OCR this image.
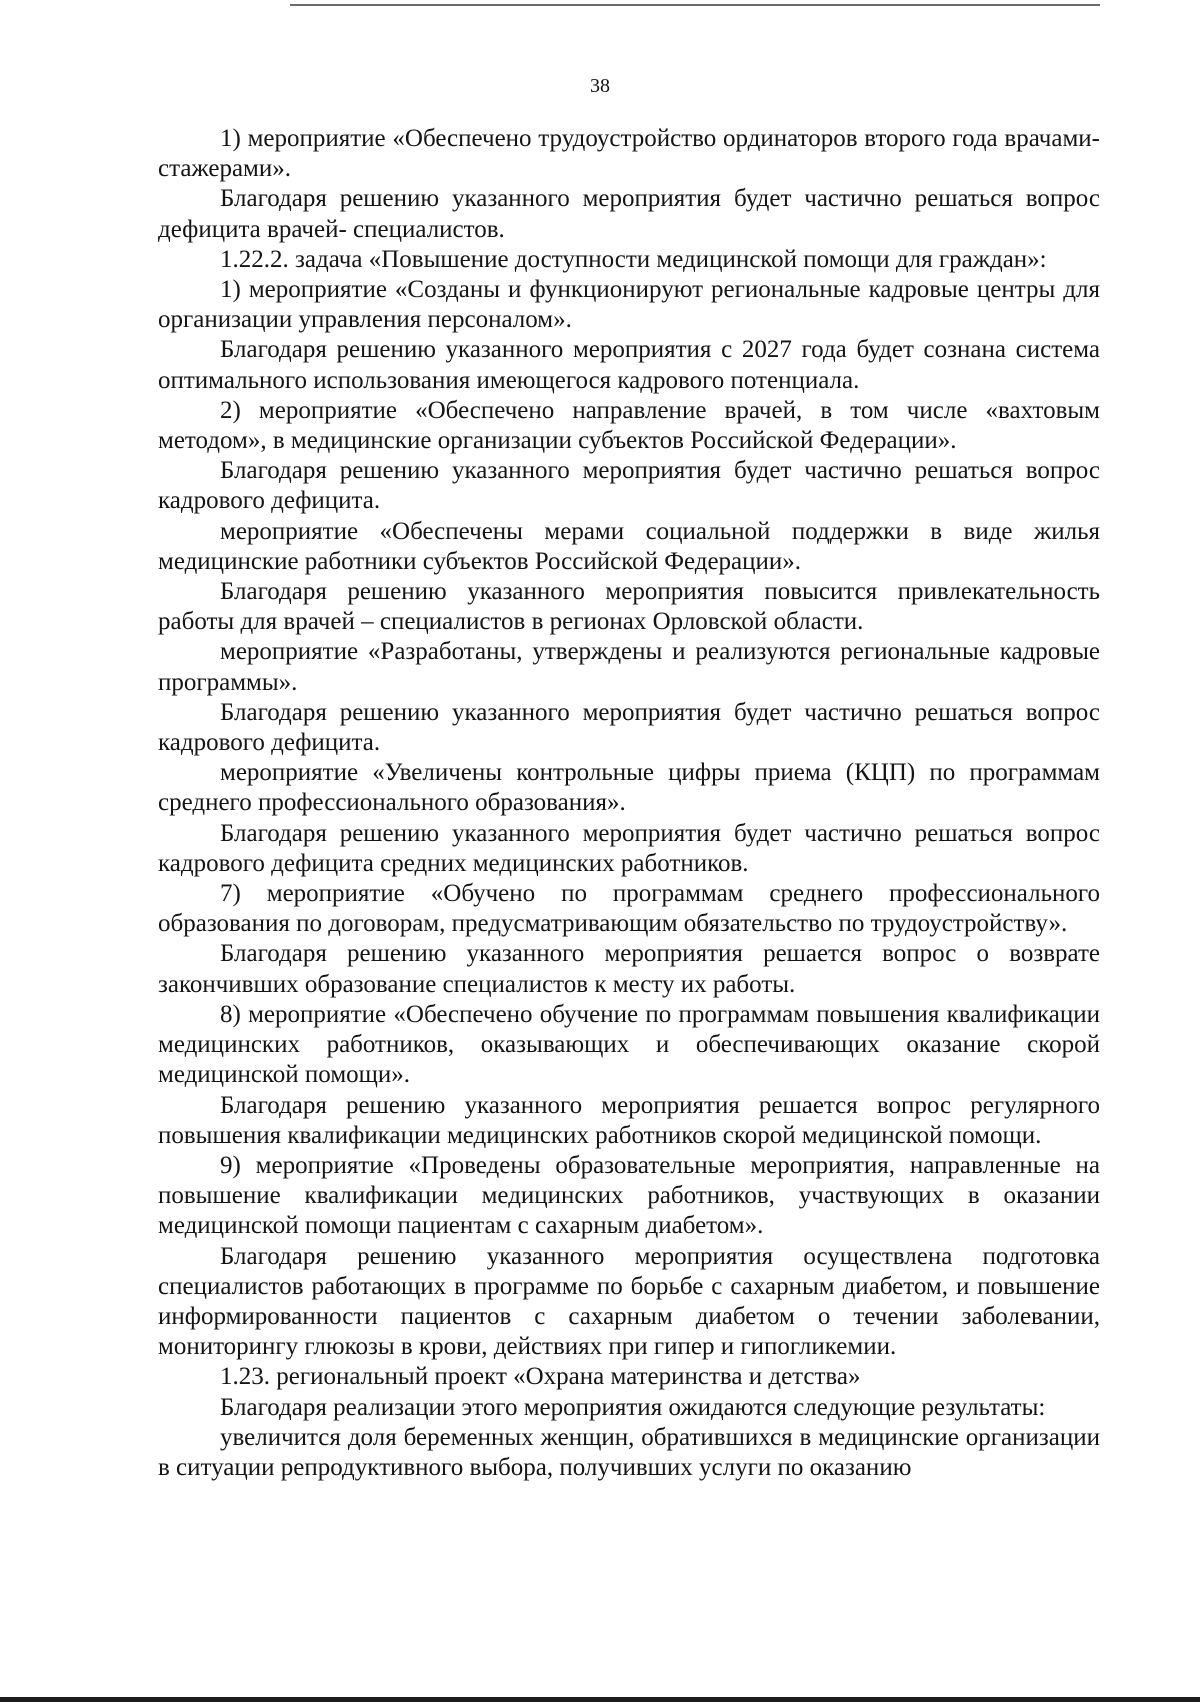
38

1) мероприятие «Обеспечено трудоустройство ординаторов второго года врачами-стажерами».

Благодаря решению указанного мероприятия будет частично решаться вопрос дефицита врачей- специалистов.

1.22.2. задача «Повышение доступности медицинской помощи для граждан»:

1) мероприятие «Созданы и функционируют региональные кадровые центры для организации управления персоналом».

Благодаря решению указанного мероприятия с 2027 года будет сознана система оптимального использования имеющегося кадрового потенциала.

2) мероприятие «Обеспечено направление врачей, в том числе «вахтовым методом», в медицинские организации субъектов Российской Федерации».

Благодаря решению указанного мероприятия будет частично решаться вопрос кадрового дефицита.

мероприятие «Обеспечены мерами социальной поддержки в виде жилья медицинские работники субъектов Российской Федерации».

Благодаря решению указанного мероприятия повысится привлекательность работы для врачей – специалистов в регионах Орловской области.

мероприятие «Разработаны, утверждены и реализуются региональные кадровые программы».

Благодаря решению указанного мероприятия будет частично решаться вопрос кадрового дефицита.

мероприятие «Увеличены контрольные цифры приема (КЦП) по программам среднего профессионального образования».

Благодаря решению указанного мероприятия будет частично решаться вопрос кадрового дефицита средних медицинских работников.

7) мероприятие «Обучено по программам среднего профессионального образования по договорам, предусматривающим обязательство по трудоустройству».

Благодаря решению указанного мероприятия решается вопрос о возврате закончивших образование специалистов к месту их работы.

8) мероприятие «Обеспечено обучение по программам повышения квалификации медицинских работников, оказывающих и обеспечивающих оказание скорой медицинской помощи».

Благодаря решению указанного мероприятия решается вопрос регулярного повышения квалификации медицинских работников скорой медицинской помощи.

9) мероприятие «Проведены образовательные мероприятия, направленные на повышение квалификации медицинских работников, участвующих в оказании медицинской помощи пациентам с сахарным диабетом».

Благодаря решению указанного мероприятия осуществлена подготовка специалистов работающих в программе по борьбе с сахарным диабетом, и повышение информированности пациентов с сахарным диабетом о течении заболевании, мониторингу глюкозы в крови, действиях при гипер и гипогликемии.

1.23. региональный проект «Охрана материнства и детства»

Благодаря реализации этого мероприятия ожидаются следующие результаты:

увеличится доля беременных женщин, обратившихся в медицинские организации в ситуации репродуктивного выбора, получивших услуги по оказанию
